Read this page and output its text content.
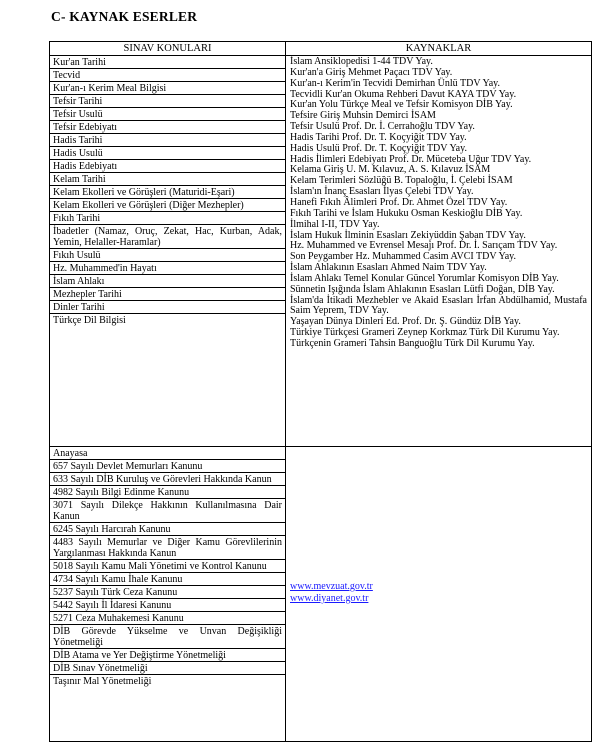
C- KAYNAK ESERLER
SINAV KONULARI
Kur'an Tarihi
Tecvid
Kur'an-ı Kerim Meal Bilgisi
Tefsir Tarihi
Tefsir Usulü
Tefsir Edebiyatı
Hadis Tarihi
Hadis Usulü
Hadis Edebiyatı
Kelam Tarihi
Kelam Ekolleri ve Görüşleri (Maturidi-Eşari)
Kelam Ekolleri ve Görüşleri (Diğer Mezhepler)
Fıkıh Tarihi
İbadetler (Namaz, Oruç, Zekat, Hac, Kurban, Adak, Yemin, Helaller-Haramlar)
Fıkıh Usulü
Hz. Muhammed'in Hayatı
İslam Ahlakı
Mezhepler Tarihi
Dinler Tarihi
Türkçe Dil Bilgisi
Anayasa
657 Sayılı Devlet Memurları Kanunu
633 Sayılı DİB Kuruluş ve Görevleri Hakkında Kanun
4982 Sayılı Bilgi Edinme Kanunu
3071 Sayılı Dilekçe Hakkının Kullanılmasına Dair Kanun
6245 Sayılı Harcırah Kanunu
4483 Sayılı Memurlar ve Diğer Kamu Görevlilerinin Yargılanması Hakkında Kanun
5018 Sayılı Kamu Mali Yönetimi ve Kontrol Kanunu
4734 Sayılı Kamu İhale Kanunu
5237 Sayılı Türk Ceza Kanunu
5442 Sayılı İl İdaresi Kanunu
5271 Ceza Muhakemesi Kanunu
DİB Görevde Yükselme ve Unvan Değişikliği Yönetmeliği
DİB Atama ve Yer Değiştirme Yönetmeliği
DİB Sınav Yönetmeliği
Taşınır Mal Yönetmeliği
KAYNAKLAR
İslam Ansiklopedisi 1-44 TDV Yay.
Kur'an'a Giriş Mehmet Paçacı TDV Yay.
Kur'an-ı Kerim'in Tecvidi Demirhan Ünlü TDV Yay.
Tecvidli Kur'an Okuma Rehberi Davut KAYA TDV Yay.
Kur'an Yolu Türkçe Meal ve Tefsir Komisyon DİB Yay.
Tefsire Giriş Muhsin Demirci İSAM
Tefsir Usulü Prof. Dr. İ. Cerrahoğlu TDV Yay.
Hadis Tarihi Prof. Dr. T. Koçyiğit TDV Yay.
Hadis Usulü Prof. Dr. T. Koçyiğit TDV Yay.
Hadis İlimleri Edebiyatı Prof. Dr. Müceteba Uğur TDV Yay.
Kelama Giriş U. M. Kılavuz, A. S. Kılavuz İSAM
Kelam Terimleri Sözlüğü B. Topaloğlu, İ. Çelebi İSAM
İslam'ın İnanç Esasları İlyas Çelebi TDV Yay.
Hanefi Fıkıh Âlimleri Prof. Dr. Ahmet Özel TDV Yay.
Fıkıh Tarihi ve İslam Hukuku Osman Keskioğlu DİB Yay.
İlmihal I-II, TDV Yay.
İslam Hukuk İlminin Esasları Zekiyüddin Şaban TDV Yay.
Hz. Muhammed ve Evrensel Mesajı Prof. Dr. İ. Sarıçam TDV Yay.
Son Peygamber Hz. Muhammed Casim AVCI TDV Yay.
İslam Ahlakının Esasları Ahmed Naim TDV Yay.
İslam Ahlakı Temel Konular Güncel Yorumlar Komisyon DİB Yay.
Sünnetin Işığında İslam Ahlakının Esasları Lütfi Doğan, DİB Yay.
İslam'da İtikadi Mezhebler ve Akaid Esasları İrfan Abdülhamid, Mustafa Saim Yeprem, TDV Yay.
Yaşayan Dünya Dinleri Ed. Prof. Dr. Ş. Gündüz DİB Yay.
Türkiye Türkçesi Grameri Zeynep Korkmaz Türk Dil Kurumu Yay.
Türkçenin Grameri Tahsin Banguoğlu Türk Dil Kurumu Yay.
www.mevzuat.gov.tr
www.diyanet.gov.tr
